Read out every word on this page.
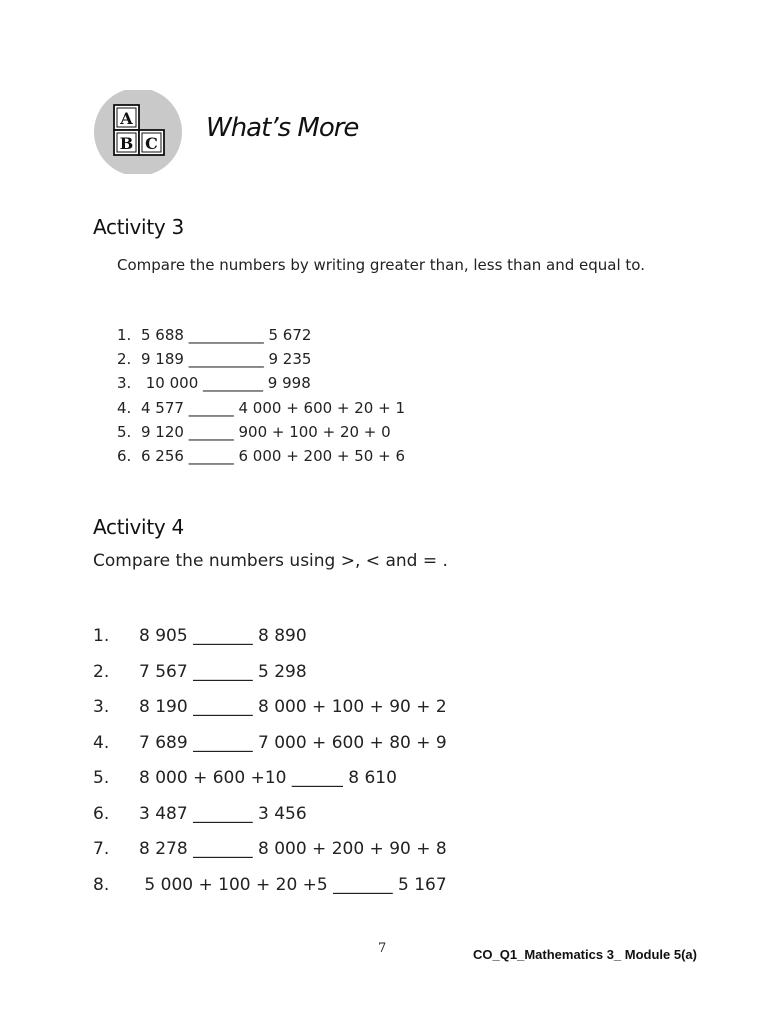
A
B C
What’s More
Activity 3
Compare the numbers by writing greater than, less than and equal to.
1. 5 688 __________ 5 672
2. 9 189 __________ 9 235
3. 10 000 ________ 9 998
4. 4 577 ______ 4 000 + 600 + 20 + 1
5. 9 120 ______ 900 + 100 + 20 + 0
6. 6 256 ______ 6 000 + 200 + 50 + 6
Activity 4
Compare the numbers using >, < and = .
1. 8 905 _______ 8 890
2. 7 567 _______ 5 298
3. 8 190 _______ 8 000 + 100 + 90 + 2
4. 7 689 _______ 7 000 + 600 + 80 + 9
5. 8 000 + 600 +10 ______ 8 610
6. 3 487 _______ 3 456
7. 8 278 _______ 8 000 + 200 + 90 + 8
8. 5 000 + 100 + 20 +5 _______ 5 167
7	CO_Q1_Mathematics 3_ Module 5(a)
